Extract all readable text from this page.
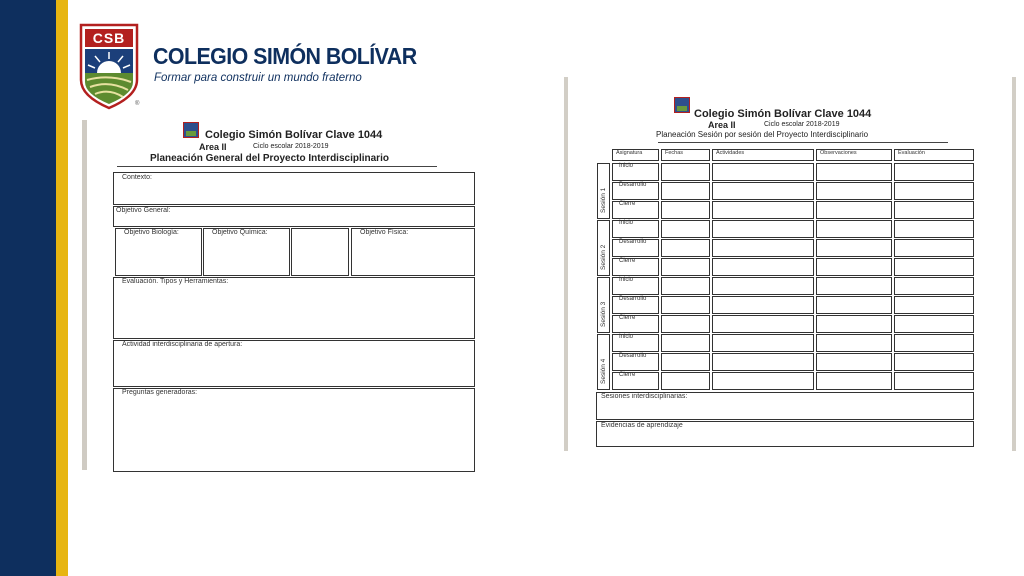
CSB
®
COLEGIO SIMÓN BOLÍVAR
Formar para construir un mundo fraterno
Colegio Simón Bolívar Clave 1044
Area II	Ciclo escolar 2018-2019
Planeación General del Proyecto Interdisciplinario
Contexto:
Objetivo General:
Objetivo Biología:	Objetivo Química:	Objetivo Física:
Evaluación. Tipos y Herramientas:
Actividad interdisciplinaria de apertura:
Preguntas generadoras:
Colegio Simón Bolívar Clave 1044
Area II	Ciclo escolar 2018-2019
Planeación Sesión por sesión del Proyecto Interdisciplinario
Asignatura	Fechas	Actividades	Observaciones	Evaluación
Sesión 1
Inicio
Desarrollo
Cierre
Sesión 2
Inicio
Desarrollo
Cierre
Sesión 3
Inicio
Desarrollo
Cierre
Sesión 4
Inicio
Desarrollo
Cierre
Sesiones interdisciplinarias:
Evidencias de aprendizaje
